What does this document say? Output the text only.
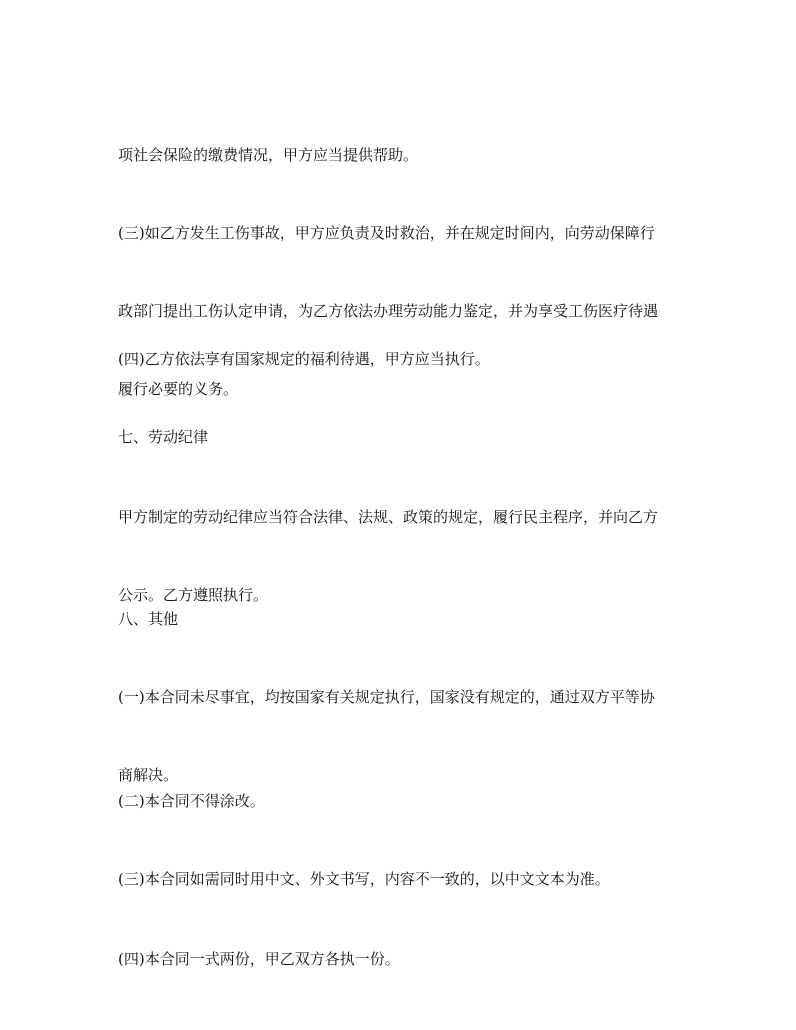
项社会保险的缴费情况，甲方应当提供帮助。

(三)如乙方发生工伤事故，甲方应负责及时救治，并在规定时间内，向劳动保障行

政部门提出工伤认定申请，为乙方依法办理劳动能力鉴定，并为享受工伤医疗待遇

履行必要的义务。

(四)乙方依法享有国家规定的福利待遇，甲方应当执行。

七、劳动纪律

甲方制定的劳动纪律应当符合法律、法规、政策的规定，履行民主程序，并向乙方

公示。乙方遵照执行。

八、其他

(一)本合同未尽事宜，均按国家有关规定执行，国家没有规定的，通过双方平等协

商解决。

(二)本合同不得涂改。

(三)本合同如需同时用中文、外文书写，内容不一致的，以中文文本为准。

(四)本合同一式两份，甲乙双方各执一份。
